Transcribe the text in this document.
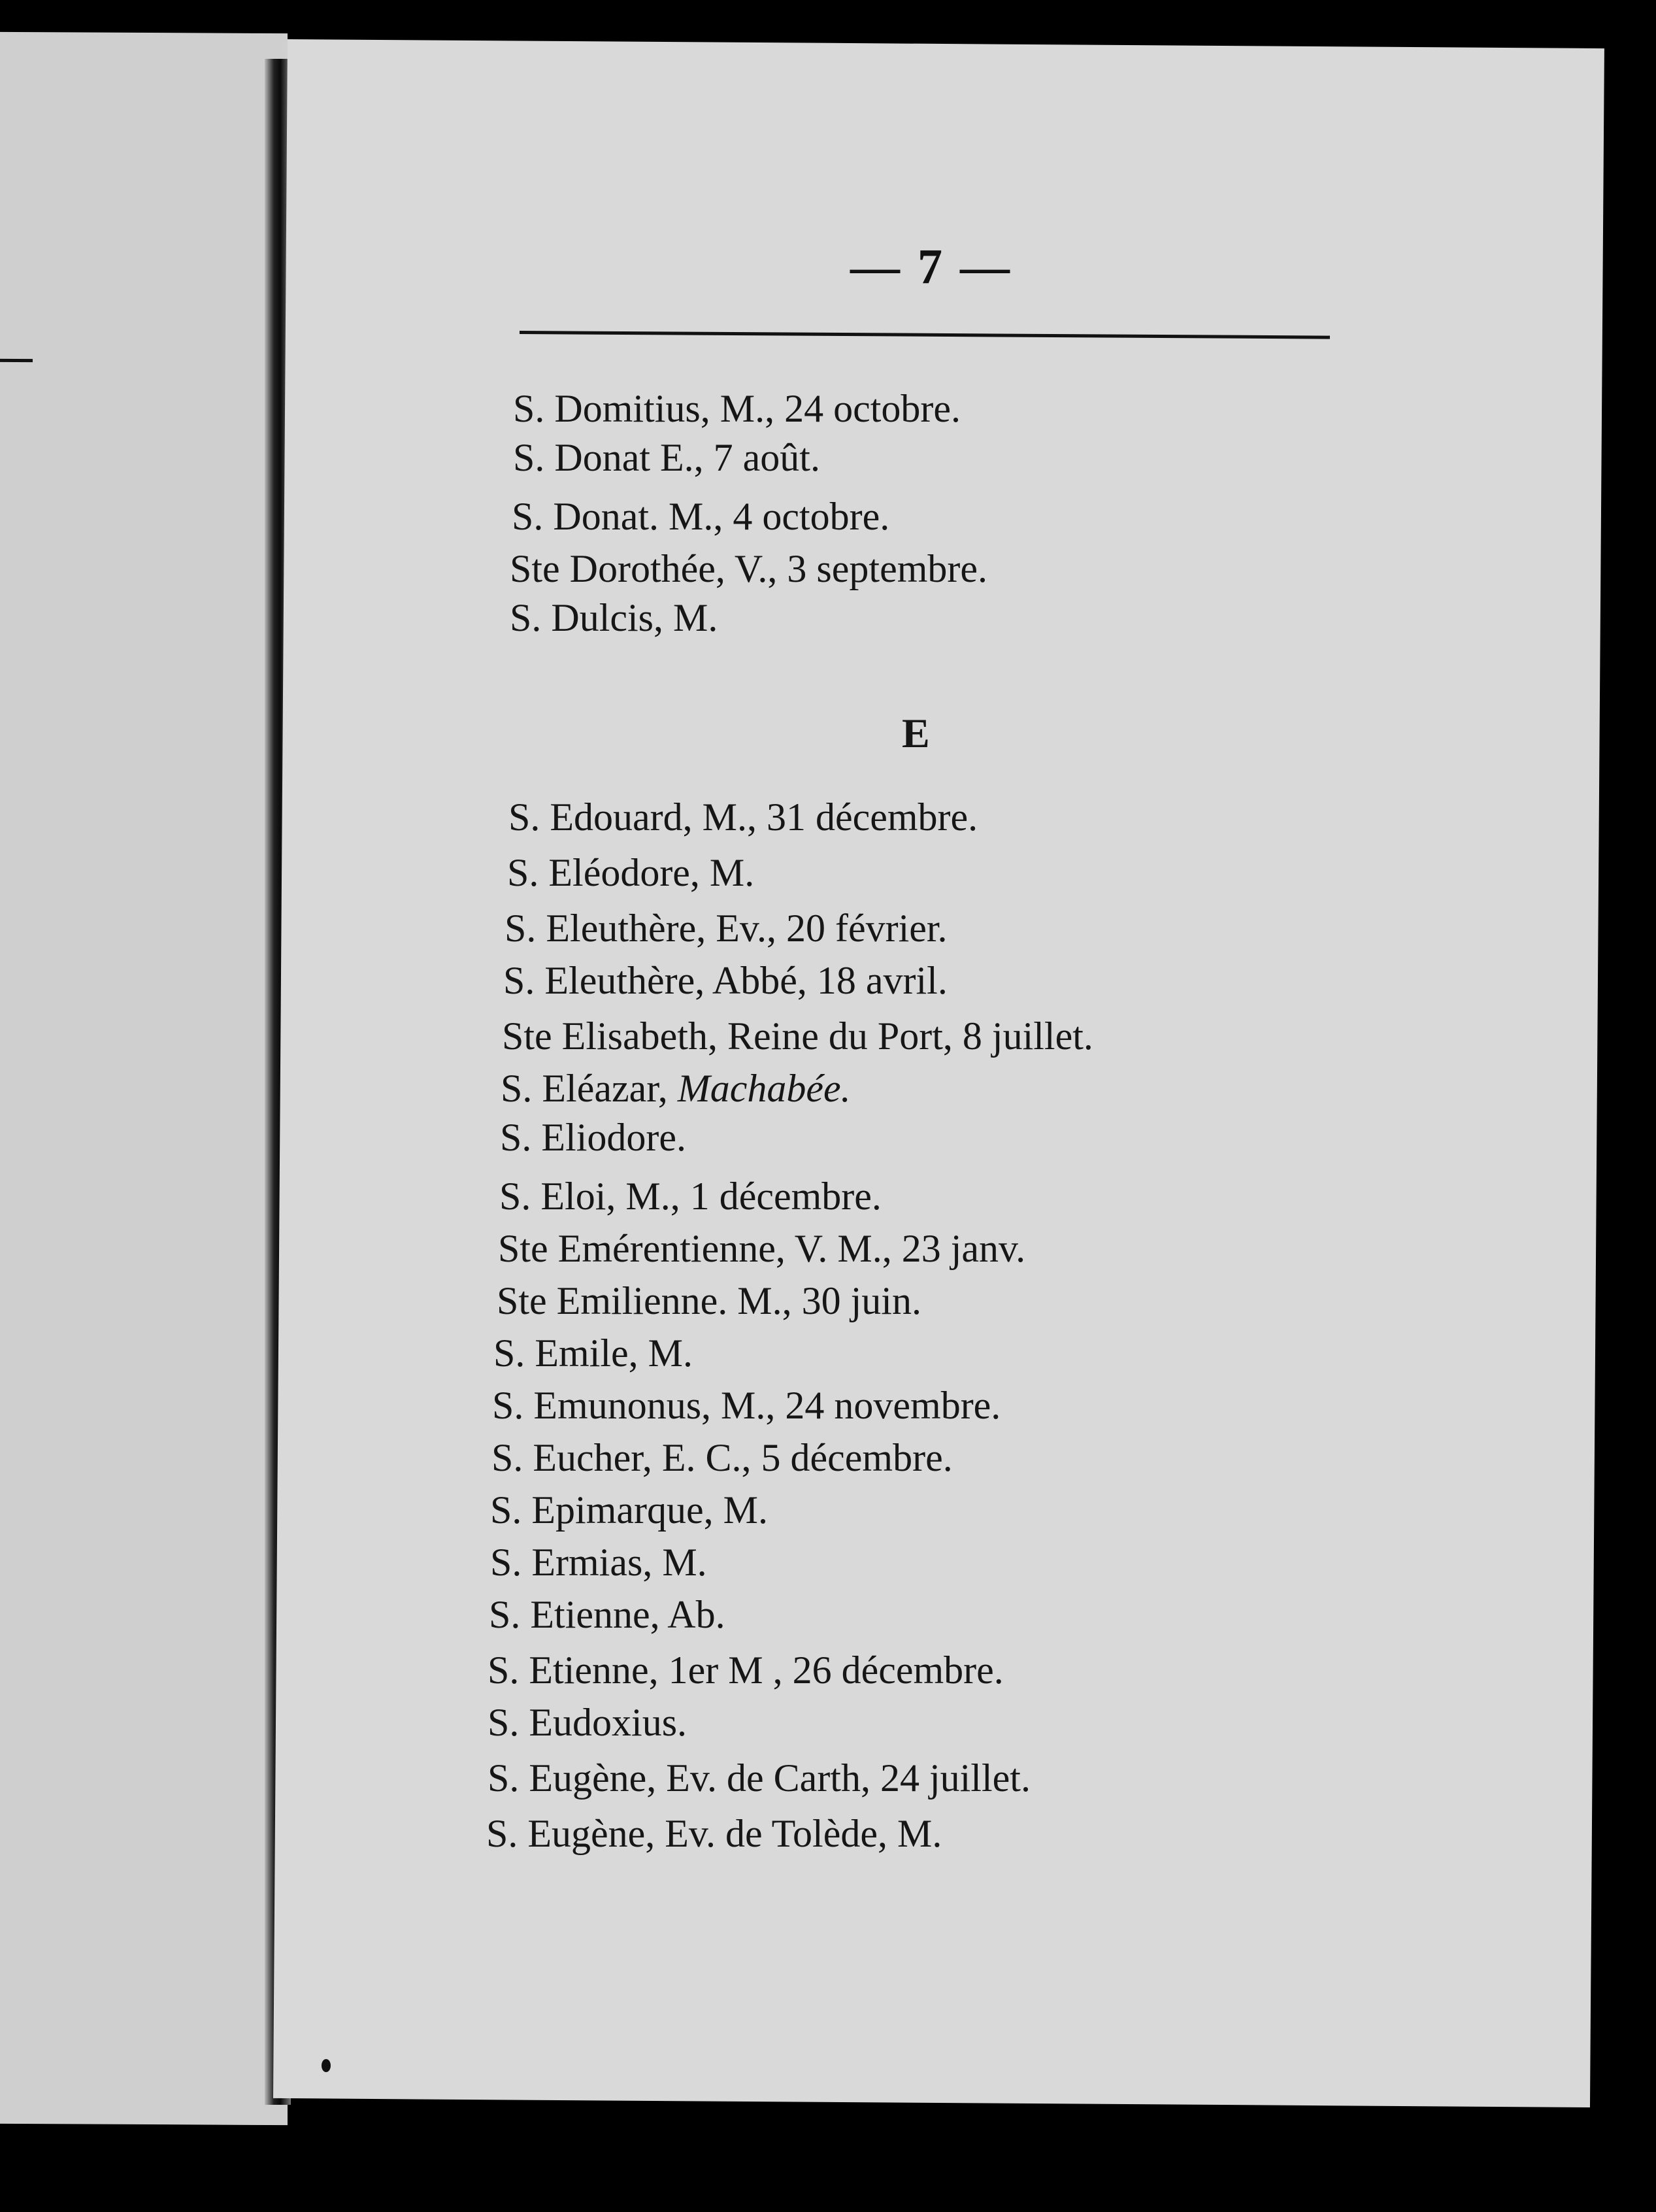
— 7 —
S. Domitius, M., 24 octobre.
S. Donat E., 7 août.
S. Donat. M., 4 octobre.
Ste Dorothée, V., 3 septembre.
S. Dulcis, M.
E
S. Edouard, M., 31 décembre.
S. Eléodore, M.
S. Eleuthère, Ev., 20 février.
S. Eleuthère, Abbé, 18 avril.
Ste Elisabeth, Reine du Port, 8 juillet.
S. Eléazar, Machabée.
S. Eliodore.
S. Eloi, M., 1 décembre.
Ste Emérentienne, V. M., 23 janv.
Ste Emilienne. M., 30 juin.
S. Emile, M.
S. Emunonus, M., 24 novembre.
S. Eucher, E. C., 5 décembre.
S. Epimarque, M.
S. Ermias, M.
S. Etienne, Ab.
S. Etienne, 1er M , 26 décembre.
S. Eudoxius.
S. Eugène, Ev. de Carth, 24 juillet.
S. Eugène, Ev. de Tolède, M.
